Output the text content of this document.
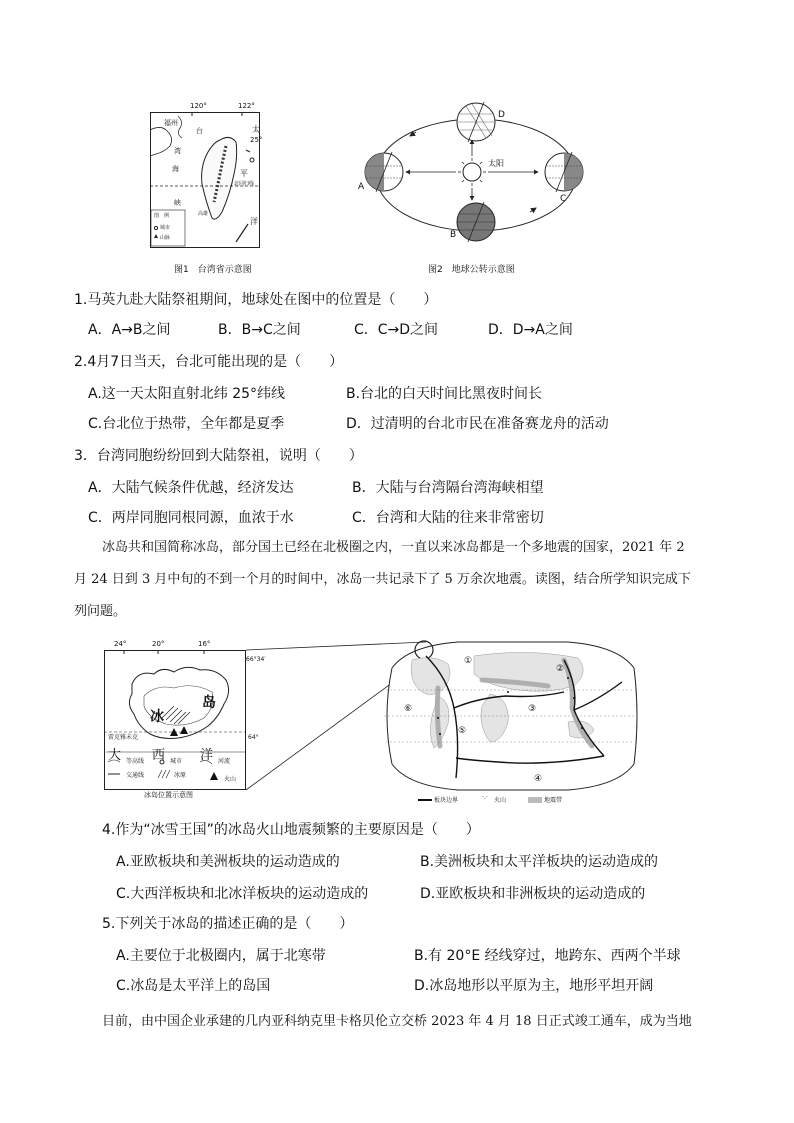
120°	122°
25°
福州
台
湾
海
峡
太
平
洋
北回归线
高雄
图　例
城市
山脉
图1　台湾省示意图
太阳
A
B
C
D
图2　地球公转示意图
1.马英九赴大陆祭祖期间，地球处在图中的位置是（　　）
A．A→B之间	B．B→C之间	C．C→D之间	D．D→A之间
2.4月7日当天，台北可能出现的是（　　）
A.这一天太阳直射北纬 25°纬线	B.台北的白天时间比黑夜时间长
C.台北位于热带，全年都是夏季	D．过清明的台北市民在准备赛龙舟的活动
3．台湾同胞纷纷回到大陆祭祖，说明（　　）
A．大陆气候条件优越，经济发达	B．大陆与台湾隔台湾海峡相望
C．两岸同胞同根同源，血浓于水	C．台湾和大陆的往来非常密切
冰岛共和国简称冰岛，部分国土已经在北极圈之内，一直以来冰岛都是一个多地震的国家，2021 年 2
月 24 日到 3 月中旬的不到一个月的时间中，冰岛一共记录下了 5 万余次地震。读图，结合所学知识完成下
列问题。
24°	20°	16°
66°34′
64°
冰
岛
雷克雅未克
大 西	洋
等高线	城市	河流
交通线	冰原
火山
冰岛位置示意图
①
②
③
④
⑤
⑥
板块边界	·.· 火山	地震带
4.作为“冰雪王国”的冰岛火山地震频繁的主要原因是（　　）
A.亚欧板块和美洲板块的运动造成的	B.美洲板块和太平洋板块的运动造成的
C.大西洋板块和北冰洋板块的运动造成的	D.亚欧板块和非洲板块的运动造成的
5.下列关于冰岛的描述正确的是（　　）
A.主要位于北极圈内，属于北寒带	B.有 20°E 经线穿过，地跨东、西两个半球
C.冰岛是太平洋上的岛国	D.冰岛地形以平原为主，地形平坦开阔
目前，由中国企业承建的几内亚科纳克里卡格贝伦立交桥 2023 年 4 月 18 日正式竣工通车，成为当地
